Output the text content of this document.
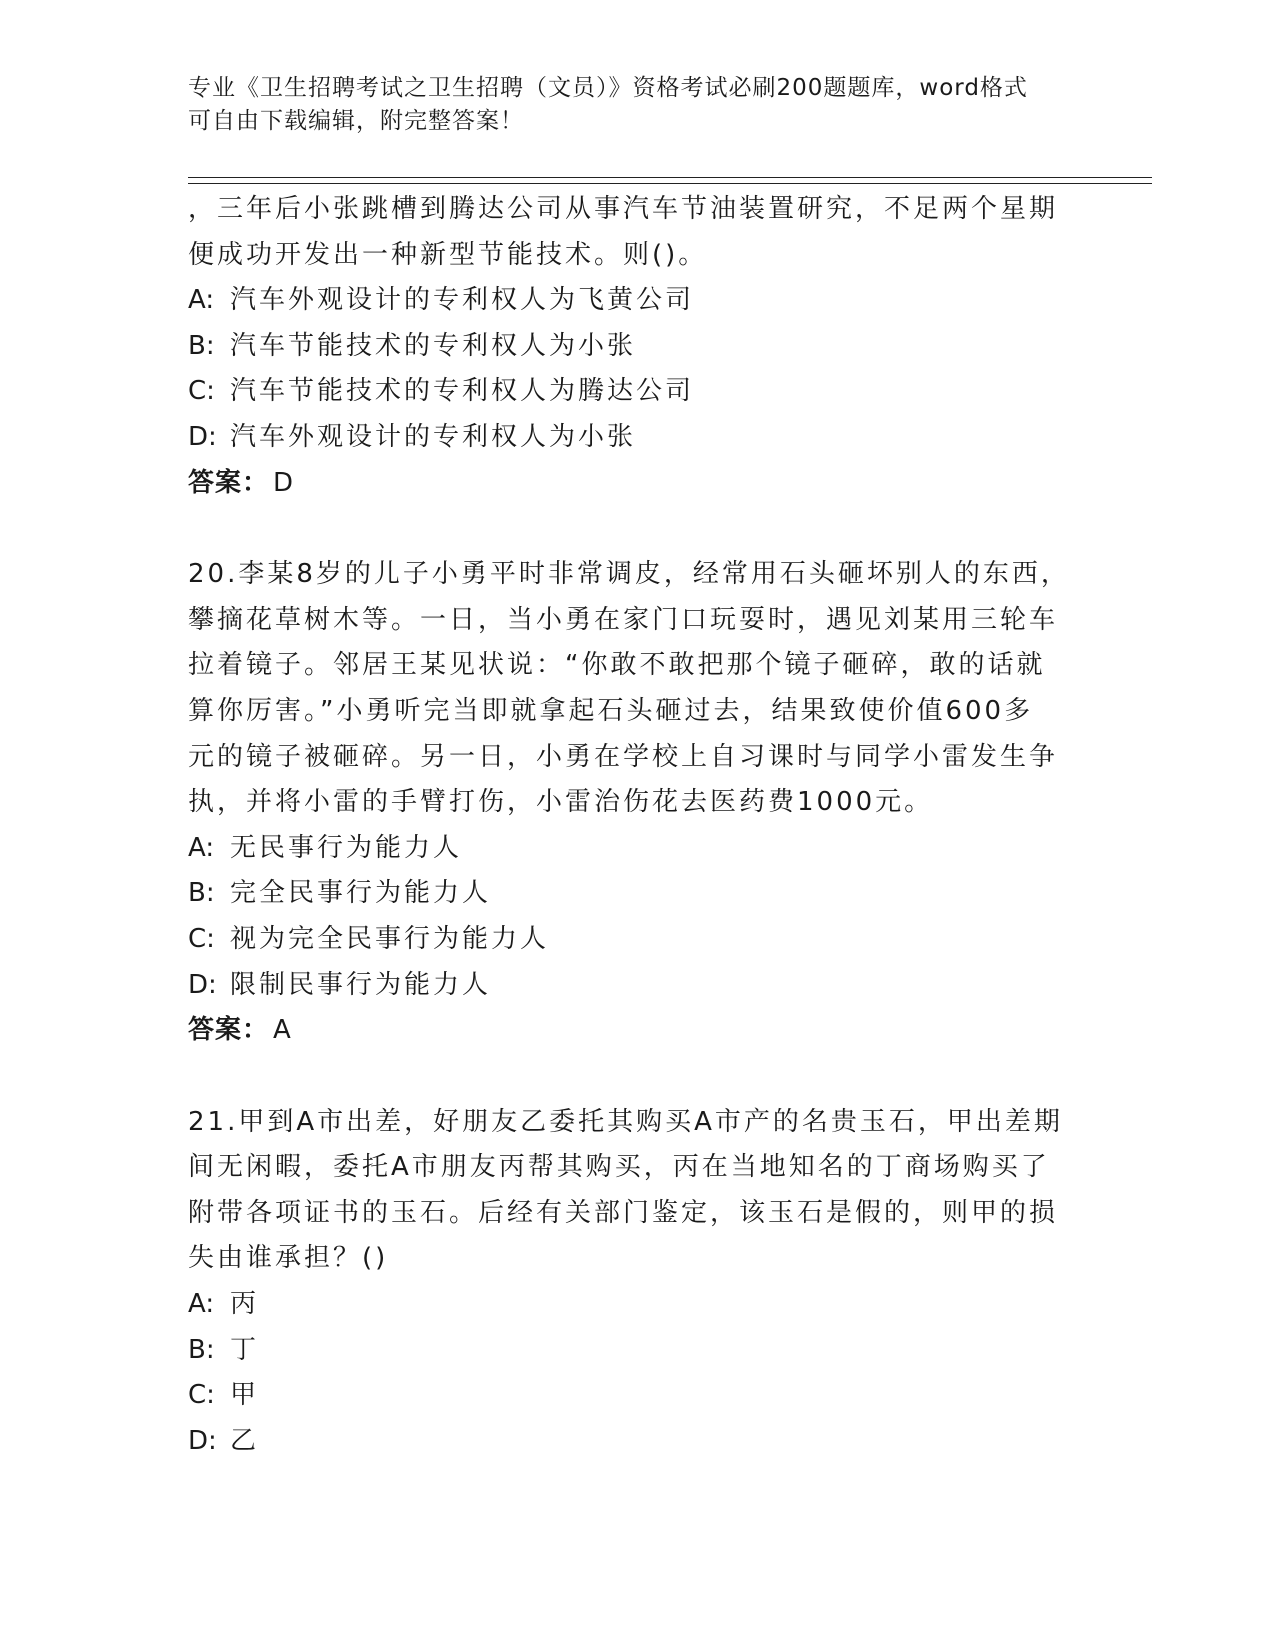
专业《卫生招聘考试之卫生招聘（文员）》资格考试必刷200题题库，word格式
可自由下载编辑，附完整答案！

，三年后小张跳槽到腾达公司从事汽车节油装置研究，不足两个星期

便成功开发出一种新型节能技术。则()。

A: 汽车外观设计的专利权人为飞黄公司

B: 汽车节能技术的专利权人为小张

C: 汽车节能技术的专利权人为腾达公司

D: 汽车外观设计的专利权人为小张

答案： D

20.李某8岁的儿子小勇平时非常调皮，经常用石头砸坏别人的东西，

攀摘花草树木等。一日，当小勇在家门口玩耍时，遇见刘某用三轮车

拉着镜子。邻居王某见状说：“你敢不敢把那个镜子砸碎，敢的话就

算你厉害。”小勇听完当即就拿起石头砸过去，结果致使价值600多

元的镜子被砸碎。另一日，小勇在学校上自习课时与同学小雷发生争

执，并将小雷的手臂打伤，小雷治伤花去医药费1000元。

A: 无民事行为能力人

B: 完全民事行为能力人

C: 视为完全民事行为能力人

D: 限制民事行为能力人

答案： A

21.甲到A市出差，好朋友乙委托其购买A市产的名贵玉石，甲出差期

间无闲暇，委托A市朋友丙帮其购买，丙在当地知名的丁商场购买了

附带各项证书的玉石。后经有关部门鉴定，该玉石是假的，则甲的损

失由谁承担？()

A: 丙

B: 丁

C: 甲

D: 乙
